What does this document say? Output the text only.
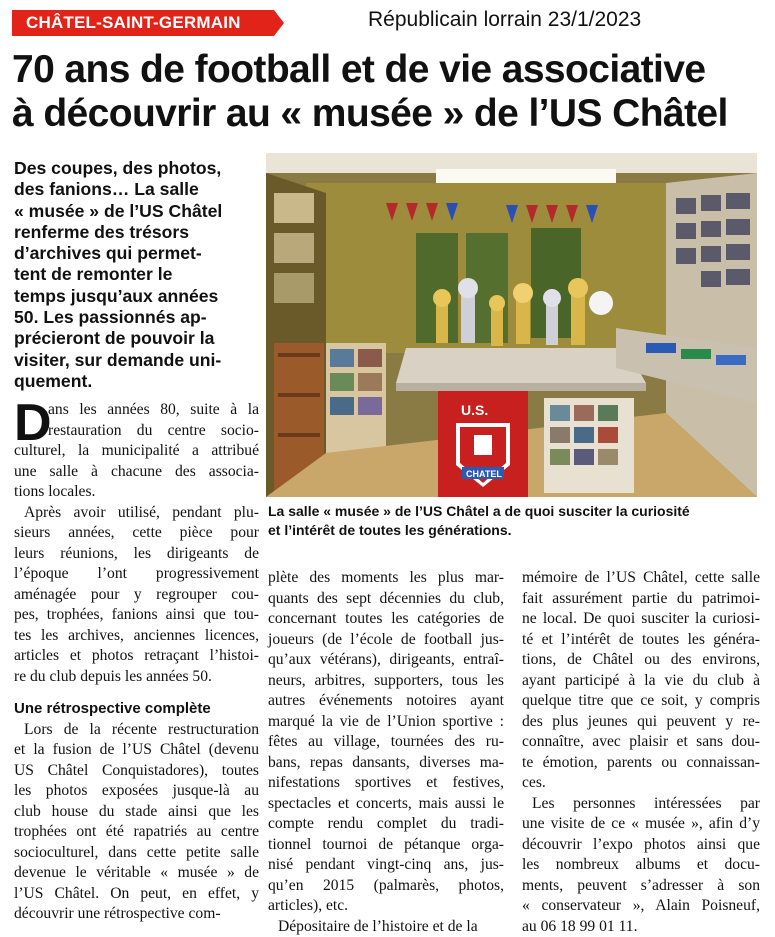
CHÂTEL-SAINT-GERMAIN	Républicain lorrain 23/1/2023
70 ans de football et de vie associative
à découvrir au « musée » de l’US Châtel
Des coupes, des photos,
des fanions… La salle
« musée » de l’US Châtel
renferme des trésors
d’archives qui permet-
tent de remonter le
temps jusqu’aux années
50. Les passionnés ap-
précieront de pouvoir la
visiter, sur demande uni-
quement.
U.S.
CHATEL
La salle « musée » de l’US Châtel a de quoi susciter la curiosité
et l’intérêt de toutes les générations.
D
ans les années 80, suite à la
restauration du centre socio-
culturel, la municipalité a attribué
une salle à chacune des associa-
tions locales.
Après avoir utilisé, pendant plu-
sieurs années, cette pièce pour
leurs réunions, les dirigeants de
l’époque l’ont progressivement
aménagée pour y regrouper cou-
pes, trophées, fanions ainsi que tou-
tes les archives, anciennes licences,
articles et photos retraçant l’histoi-
re du club depuis les années 50.
Une rétrospective complète
Lors de la récente restructuration
et la fusion de l’US Châtel (devenu
US Châtel Conquistadores), toutes
les photos exposées jusque-là au
club house du stade ainsi que les
trophées ont été rapatriés au centre
socioculturel, dans cette petite salle
devenue le véritable « musée » de
l’US Châtel. On peut, en effet, y
découvrir une rétrospective com-
plète des moments les plus mar-
quants des sept décennies du club,
concernant toutes les catégories de
joueurs (de l’école de football jus-
qu’aux vétérans), dirigeants, entraî-
neurs, arbitres, supporters, tous les
autres événements notoires ayant
marqué la vie de l’Union sportive :
fêtes au village, tournées des ru-
bans, repas dansants, diverses ma-
nifestations sportives et festives,
spectacles et concerts, mais aussi le
compte rendu complet du tradi-
tionnel tournoi de pétanque orga-
nisé pendant vingt-cinq ans, jus-
qu’en 2015 (palmarès, photos,
articles), etc.
Dépositaire de l’histoire et de la
mémoire de l’US Châtel, cette salle
fait assurément partie du patrimoi-
ne local. De quoi susciter la curiosi-
té et l’intérêt de toutes les généra-
tions, de Châtel ou des environs,
ayant participé à la vie du club à
quelque titre que ce soit, y compris
des plus jeunes qui peuvent y re-
connaître, avec plaisir et sans dou-
te émotion, parents ou connaissan-
ces.
Les personnes intéressées par
une visite de ce « musée », afin d’y
découvrir l’expo photos ainsi que
les nombreux albums et docu-
ments, peuvent s’adresser à son
« conservateur », Alain Poisneuf,
au 06 18 99 01 11.
